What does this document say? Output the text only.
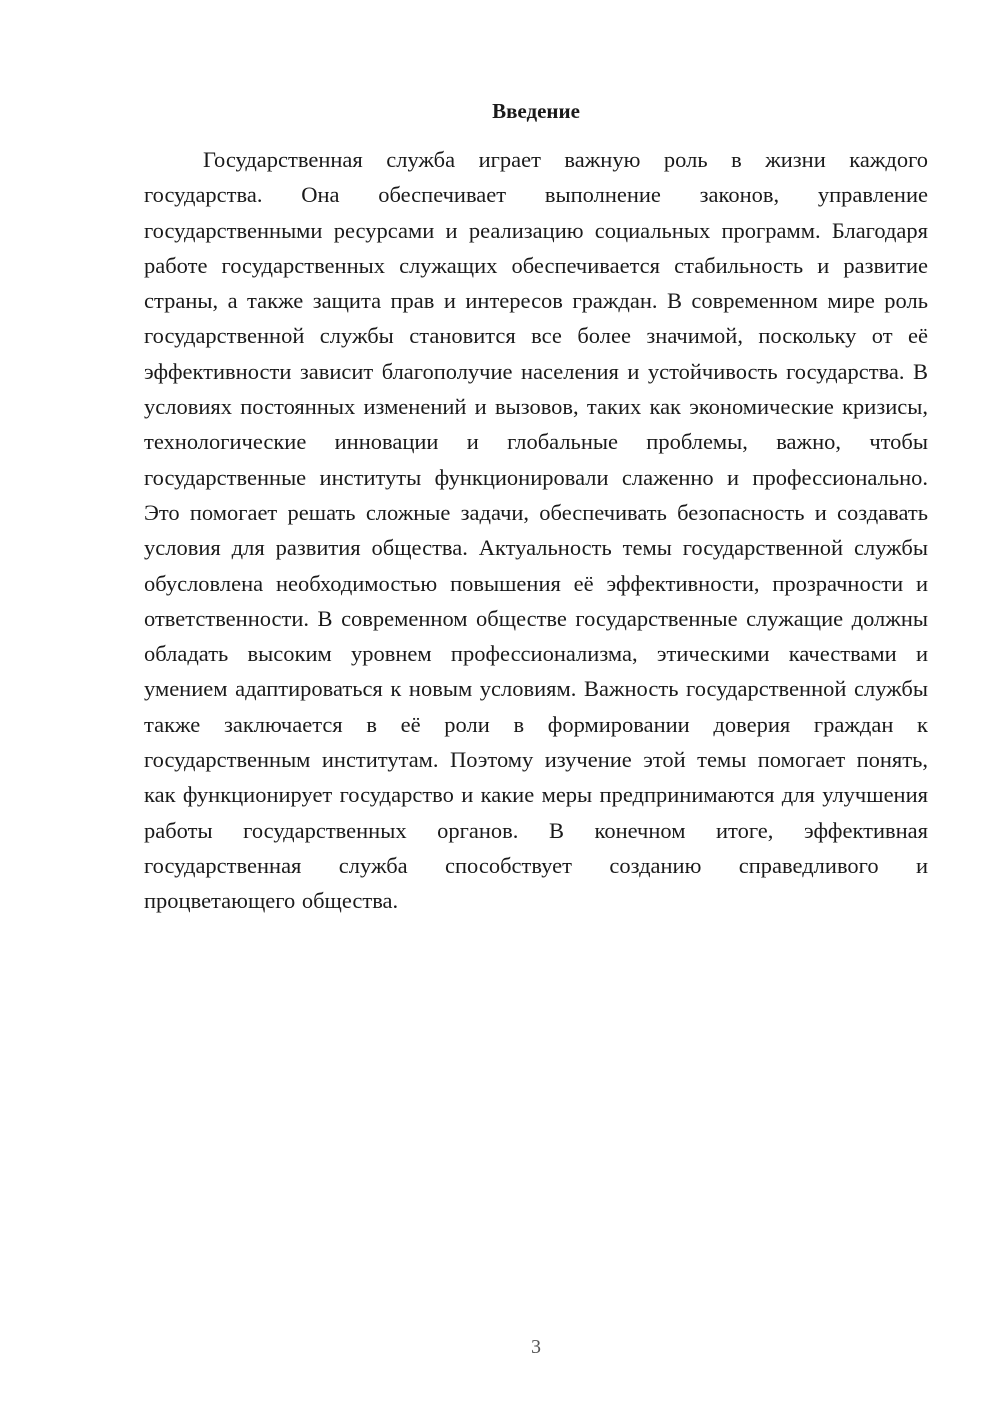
Введение

Государственная служба играет важную роль в жизни каждого государства. Она обеспечивает выполнение законов, управление государственными ресурсами и реализацию социальных программ. Благодаря работе государственных служащих обеспечивается стабильность и развитие страны, а также защита прав и интересов граждан. В современном мире роль государственной службы становится все более значимой, поскольку от её эффективности зависит благополучие населения и устойчивость государства. В условиях постоянных изменений и вызовов, таких как экономические кризисы, технологические инновации и глобальные проблемы, важно, чтобы государственные институты функционировали слаженно и профессионально. Это помогает решать сложные задачи, обеспечивать безопасность и создавать условия для развития общества. Актуальность темы государственной службы обусловлена необходимостью повышения её эффективности, прозрачности и ответственности. В современном обществе государственные служащие должны обладать высоким уровнем профессионализма, этическими качествами и умением адаптироваться к новым условиям. Важность государственной службы также заключается в её роли в формировании доверия граждан к государственным институтам. Поэтому изучение этой темы помогает понять, как функционирует государство и какие меры предпринимаются для улучшения работы государственных органов. В конечном итоге, эффективная государственная служба способствует созданию справедливого и процветающего общества.

3
